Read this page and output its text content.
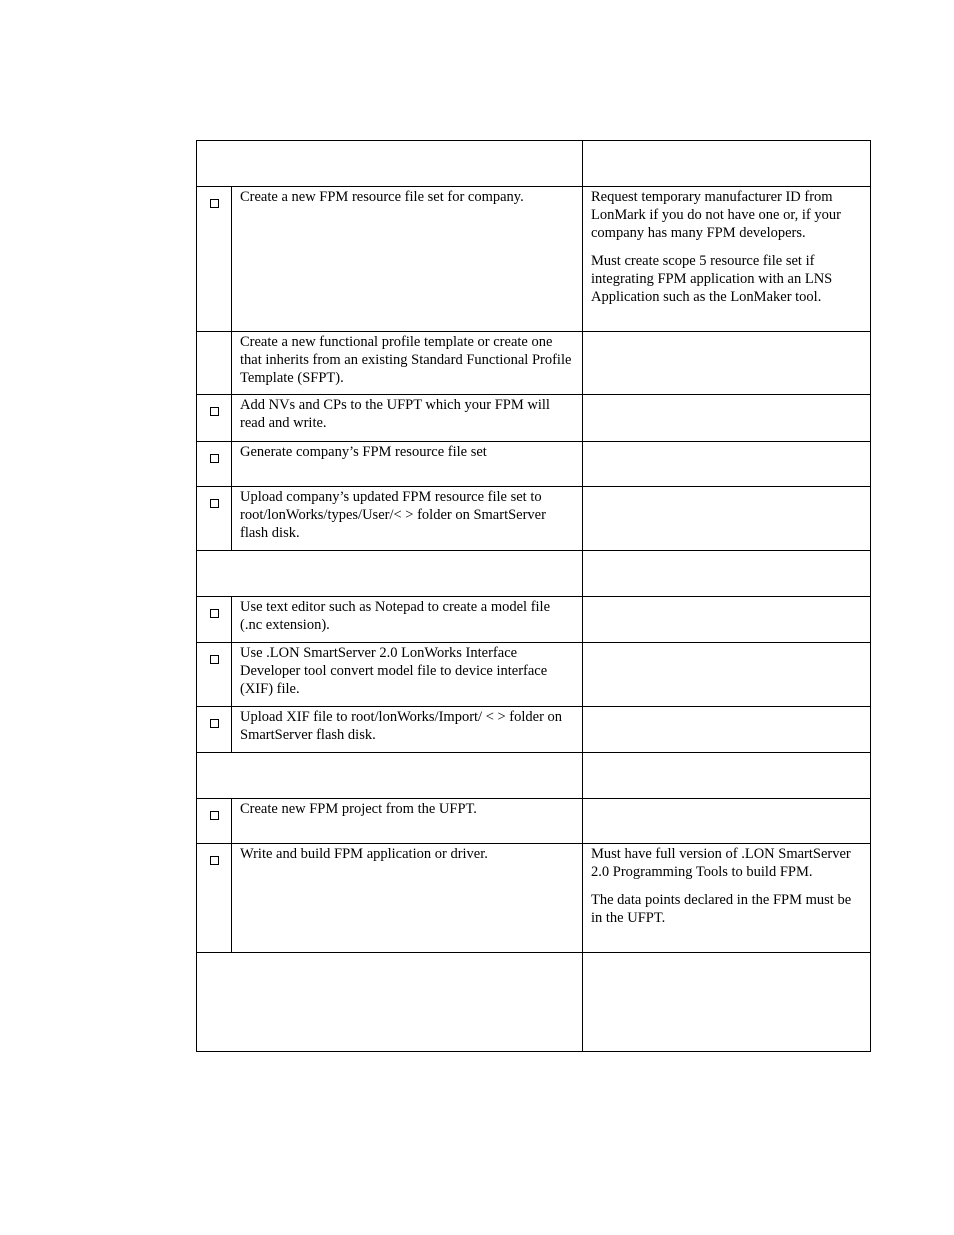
	Create a new FPM resource file set for company.	Request temporary manufacturer ID from LonMark if you do not have one or, if your company has many FPM developers.

Must create scope 5 resource file set if integrating FPM application with an LNS Application such as the LonMaker tool.

	Create a new functional profile template or create one that inherits from an existing Standard Functional Profile Template (SFPT).	

	Add NVs and CPs to the UFPT which your FPM will read and write.	

	Generate company’s FPM resource file set	

	Upload company’s updated FPM resource file set to root/lonWorks/types/User/< > folder on SmartServer flash disk.	

	Use text editor such as Notepad to create a model file (.nc extension).	

	Use .LON SmartServer 2.0 LonWorks Interface Developer tool convert model file to device interface (XIF) file.	

	Upload XIF file to root/lonWorks/Import/ < > folder on SmartServer flash disk.	

	Create new FPM project from the UFPT.	

	Write and build FPM application or driver.	Must have full version of .LON SmartServer 2.0 Programming Tools to build FPM.

The data points declared in the FPM must be in the UFPT.
